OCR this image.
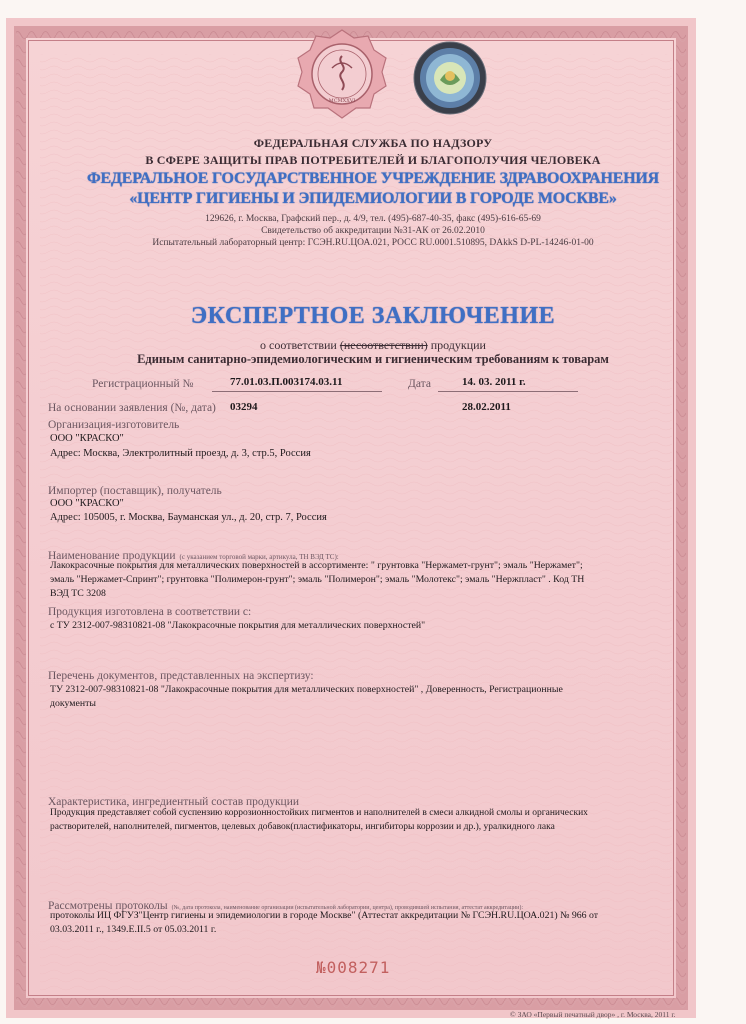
MCMXXVI
ФЕДЕРАЛЬНАЯ СЛУЖБА ПО НАДЗОРУ
В СФЕРЕ ЗАЩИТЫ ПРАВ ПОТРЕБИТЕЛЕЙ И БЛАГОПОЛУЧИЯ ЧЕЛОВЕКА
ФЕДЕРАЛЬНОЕ ГОСУДАРСТВЕННОЕ УЧРЕЖДЕНИЕ ЗДРАВООХРАНЕНИЯ
«ЦЕНТР ГИГИЕНЫ И ЭПИДЕМИОЛОГИИ В ГОРОДЕ МОСКВЕ»
129626, г. Москва, Графский пер., д. 4/9, тел. (495)-687-40-35, факс (495)-616-65-69
Свидетельство об аккредитации №31-АК от 26.02.2010
Испытательный лабораторный центр: ГСЭН.RU.ЦОА.021, РОСС RU.0001.510895, DAkkS D-PL-14246-01-00
ЭКСПЕРТНОЕ ЗАКЛЮЧЕНИЕ
о соответствии (несоответствии) продукции
Единым санитарно-эпидемиологическим и гигиеническим требованиям к товарам
Регистрационный №	77.01.03.П.003174.03.11	Дата	14. 03. 2011 г.
На основании заявления (№, дата) 03294	28.02.2011
Организация-изготовитель
ООО "КРАСКО"
Адрес: Москва, Электролитный проезд, д. 3, стр.5, Россия
Импортер (поставщик), получатель
ООО "КРАСКО"
Адрес: 105005, г. Москва, Бауманская ул., д. 20, стр. 7, Россия
Наименование продукции (с указанием торговой марки, артикула, ТН ВЭД ТС):
Лакокрасочные покрытия для металлических поверхностей в ассортименте: " грунтовка "Нержамет-грунт"; эмаль "Нержамет";
эмаль "Нержамет-Спринт"; грунтовка "Полимерон-грунт"; эмаль "Полимерон"; эмаль "Молотекс"; эмаль "Нержпласт" . Код ТН
ВЭД ТС 3208
Продукция изготовлена в соответствии с:
с ТУ 2312-007-98310821-08 "Лакокрасочные покрытия для металлических поверхностей"
Перечень документов, представленных на экспертизу:
ТУ 2312-007-98310821-08 "Лакокрасочные покрытия для металлических поверхностей" , Доверенность, Регистрационные
документы
Характеристика, ингредиентный состав продукции
Продукция представляет собой суспензию коррозионностойких пигментов и наполнителей в смеси алкидной смолы и органических
растворителей, наполнителей, пигментов, целевых добавок(пластификаторы, ингибиторы коррозии и др.), уралкидного лака
Рассмотрены протоколы (№, дата протокола, наименование организации (испытательной лаборатории, центра), проводившей испытания, аттестат аккредитации):
протоколы ИЦ ФГУЗ"Центр гигиены и эпидемиологии в городе Москве" (Аттестат аккредитации № ГСЭН.RU.ЦОА.021) № 966 от
03.03.2011 г., 1349.Е.II.5 от 05.03.2011 г.
№008271
© ЗАО «Первый печатный двор» , г. Москва, 2011 г.
